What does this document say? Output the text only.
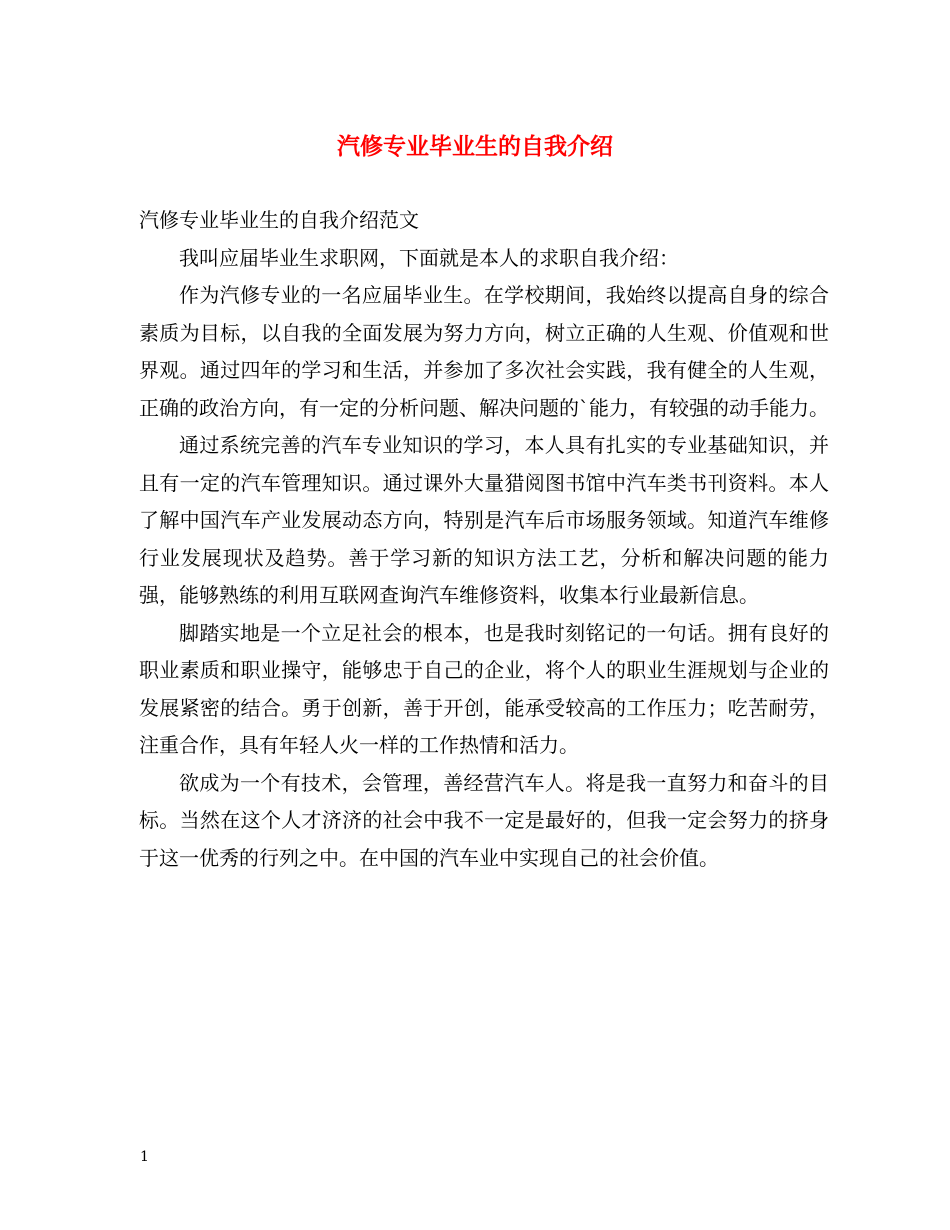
汽修专业毕业生的自我介绍

汽修专业毕业生的自我介绍范文

我叫应届毕业生求职网，下面就是本人的求职自我介绍：

作为汽修专业的一名应届毕业生。在学校期间，我始终以提高自身的综合素质为目标，以自我的全面发展为努力方向，树立正确的人生观、价值观和世界观。通过四年的学习和生活，并参加了多次社会实践，我有健全的人生观，正确的政治方向，有一定的分析问题、解决问题的`能力，有较强的动手能力。

通过系统完善的汽车专业知识的学习，本人具有扎实的专业基础知识，并且有一定的汽车管理知识。通过课外大量猎阅图书馆中汽车类书刊资料。本人了解中国汽车产业发展动态方向，特别是汽车后市场服务领域。知道汽车维修行业发展现状及趋势。善于学习新的知识方法工艺，分析和解决问题的能力强，能够熟练的利用互联网查询汽车维修资料，收集本行业最新信息。

脚踏实地是一个立足社会的根本，也是我时刻铭记的一句话。拥有良好的职业素质和职业操守，能够忠于自己的企业，将个人的职业生涯规划与企业的发展紧密的结合。勇于创新，善于开创，能承受较高的工作压力；吃苦耐劳，注重合作，具有年轻人火一样的工作热情和活力。

欲成为一个有技术，会管理，善经营汽车人。将是我一直努力和奋斗的目标。当然在这个人才济济的社会中我不一定是最好的，但我一定会努力的挤身于这一优秀的行列之中。在中国的汽车业中实现自己的社会价值。

1
